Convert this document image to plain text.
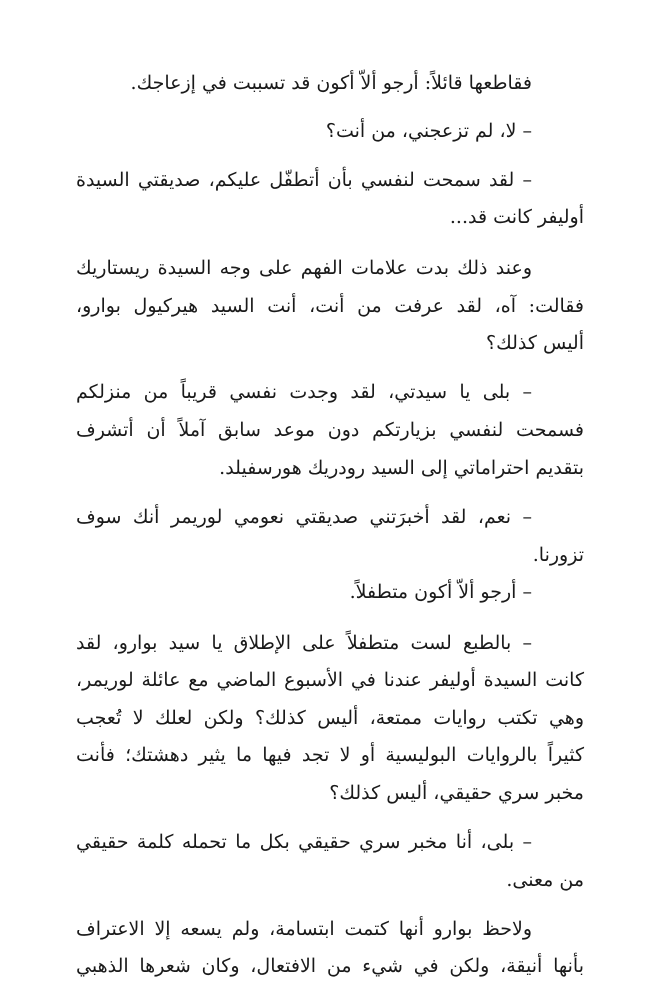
فقاطعها قائلاً: أرجو ألاّ أكون قد تسببت في إزعاجك.
– لا، لم تزعجني، من أنت؟
– لقد سمحت لنفسي بأن أتطفّل عليكم، صديقتي السيدة
أوليفر كانت قد...
وعند ذلك بدت علامات الفهم على وجه السيدة ريستاريك
فقالت: آه، لقد عرفت من أنت، أنت السيد هيركيول بوارو،
أليس كذلك؟
– بلى يا سيدتي، لقد وجدت نفسي قريباً من منزلكم
فسمحت لنفسي بزيارتكم دون موعد سابق آملاً أن أتشرف
بتقديم احتراماتي إلى السيد رودريك هورسفيلد.
– نعم، لقد أخبرَتني صديقتي نعومي لوريمر أنك سوف
تزورنا.
– أرجو ألاّ أكون متطفلاً.
– بالطبع لست متطفلاً على الإطلاق يا سيد بوارو، لقد
كانت السيدة أوليفر عندنا في الأسبوع الماضي مع عائلة لوريمر،
وهي تكتب روايات ممتعة، أليس كذلك؟ ولكن لعلك لا تُعجب
كثيراً بالروايات البوليسية أو لا تجد فيها ما يثير دهشتك؛ فأنت
مخبر سري حقيقي، أليس كذلك؟
– بلى، أنا مخبر سري حقيقي بكل ما تحمله كلمة حقيقي
من معنى.
ولاحظ بوارو أنها كتمت ابتسامة، ولم يسعه إلا الاعتراف
بأنها أنيقة، ولكن في شيء من الافتعال، وكان شعرها الذهبي
